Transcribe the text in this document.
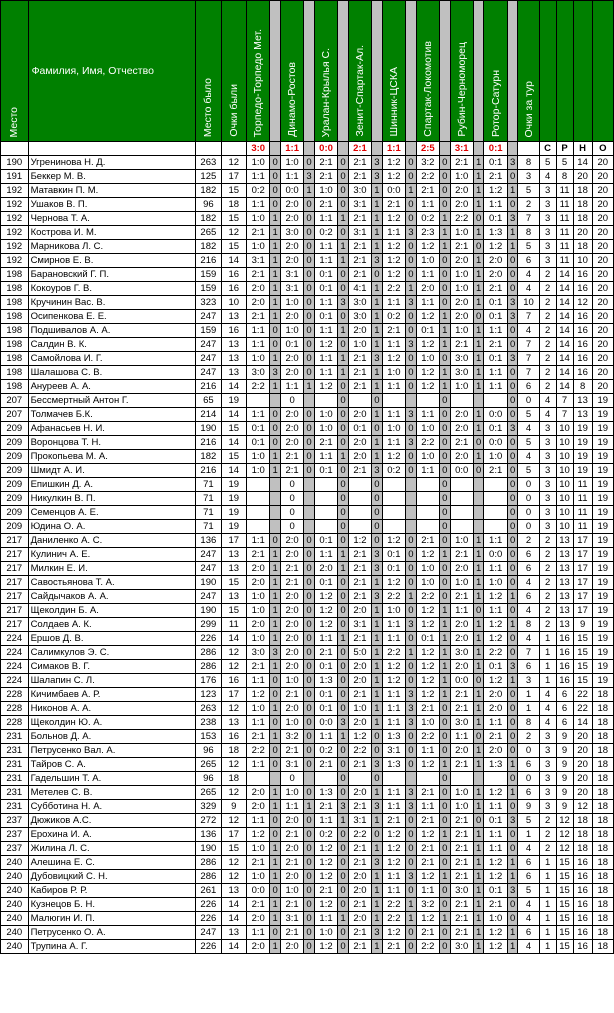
Место	Фамилия, Имя, Отчество	Место было	Очки были	Торпедо-Торпедо Мет.		Динамо-Ростов		Уралан-Крылья С.		Зенит-Спартак-Ал.		Шинник-ЦСКА		Спартак-Локомотив		Рубин-Черноморец		Ротор-Сатурн		Очки за тур				
				3:0		1:1		0:0		2:1		1:1		2:5		3:1		0:1			С	Р	Н	О
190	Угренинова Н. Д.	263	12	1:0	0	1:0	0	2:1	0	2:1	3	1:2	0	3:2	0	2:1	1	0:1	3	8	5	5	14	20
191	Беккер М. В.	125	17	1:1	0	1:1	3	2:1	0	2:1	3	1:2	0	2:2	0	1:0	1	2:1	0	3	4	8	20	20
192	Матавкин П. М.	182	15	0:2	0	0:0	1	1:0	0	3:0	1	0:0	1	2:1	0	2:0	1	1:2	1	5	3	11	18	20
192	Ушаков В. П.	96	18	1:1	0	2:0	0	2:1	0	3:1	1	2:1	0	1:1	0	2:0	1	1:1	0	2	3	11	18	20
192	Чернова Т. А.	182	15	1:0	1	2:0	0	1:1	1	2:1	1	1:2	0	0:2	1	2:2	0	0:1	3	7	3	11	18	20
192	Кострова И. М.	265	12	2:1	1	3:0	0	0:2	0	3:1	1	1:1	3	2:3	1	1:0	1	1:3	1	8	3	11	20	20
192	Марникова Л. С.	182	15	1:0	1	2:0	0	1:1	1	2:1	1	1:2	0	1:2	1	2:1	0	1:2	1	5	3	11	18	20
192	Смирнов Е. В.	216	14	3:1	1	2:0	0	1:1	1	2:1	3	1:2	0	1:0	0	2:0	1	2:0	0	6	3	11	10	20
198	Барановский Г. П.	159	16	2:1	1	3:1	0	0:1	0	2:1	0	1:2	0	1:1	0	1:0	1	2:0	0	4	2	14	16	20
198	Кокоуров Г. В.	159	16	2:0	1	3:1	0	0:1	0	4:1	1	2:2	1	2:0	0	1:0	1	2:1	0	4	2	14	16	20
198	Кручинин Вас. В.	323	10	2:0	1	1:0	0	1:1	3	3:0	1	1:1	3	1:1	0	2:0	1	0:1	3	10	2	14	12	20
198	Осипенкова Е. Е.	247	13	2:1	1	2:0	0	0:1	0	3:0	1	0:2	0	1:2	1	2:0	0	0:1	3	7	2	14	16	20
198	Подшивалов А. А.	159	16	1:1	0	1:0	0	1:1	1	2:0	1	2:1	0	0:1	1	1:0	1	1:1	0	4	2	14	16	20
198	Салдин В. К.	247	13	1:1	0	0:1	0	1:2	0	1:0	1	1:1	3	1:2	1	2:1	1	2:1	0	7	2	14	16	20
198	Самойлова И. Г.	247	13	1:0	1	2:0	0	1:1	1	2:1	3	1:2	0	1:0	0	3:0	1	0:1	3	7	2	14	16	20
198	Шалашова С. В.	247	13	3:0	3	2:0	0	1:1	1	2:1	1	1:0	0	1:2	1	3:0	1	1:1	0	7	2	14	16	20
198	Ануреев А. А.	216	14	2:2	1	1:1	1	1:2	0	2:1	1	1:1	0	1:2	1	1:0	1	1:1	0	6	2	14	8	20
207	Бессмертный Антон Г.	65	19			0			0		0				0				0	0	4	7	13	19
207	Толмачев Б.К.	214	14	1:1	0	2:0	0	1:0	0	2:0	1	1:1	3	1:1	0	2:0	1	0:0	0	5	4	7	13	19
209	Афанасьев Н. И.	190	15	0:1	0	2:0	0	1:0	0	0:1	0	1:0	0	1:0	0	2:0	1	0:1	3	4	3	10	19	19
209	Воронцова Т. Н.	216	14	0:1	0	2:0	0	2:1	0	2:0	1	1:1	3	2:2	0	2:1	0	0:0	0	5	3	10	19	19
209	Прокопьева М. А.	182	15	1:0	1	2:1	0	1:1	1	2:0	1	1:2	0	1:0	0	2:0	1	1:0	0	4	3	10	19	19
209	Шмидт А. И.	216	14	1:0	1	2:1	0	0:1	0	2:1	3	0:2	0	1:1	0	0:0	0	2:1	0	5	3	10	19	19
209	Епишкин Д. А.	71	19			0			0		0				0				0	0	3	10	11	19
209	Никулкин В. П.	71	19			0			0		0				0				0	0	3	10	11	19
209	Семенцов А. Е.	71	19			0			0		0				0				0	0	3	10	11	19
209	Юдина О. А.	71	19			0			0		0				0				0	0	3	10	11	19
217	Даниленко А. С.	136	17	1:1	0	2:0	0	0:1	0	1:2	0	1:2	0	2:1	0	1:0	1	1:1	0	2	2	13	17	19
217	Кулинич А. Е.	247	13	2:1	1	2:0	0	1:1	1	2:1	3	0:1	0	1:2	1	2:1	1	0:0	0	6	2	13	17	19
217	Милкин Е. И.	247	13	2:0	1	2:1	0	2:0	1	2:1	3	0:1	0	1:0	0	2:0	1	1:1	0	6	2	13	17	19
217	Савостьянова Т. А.	190	15	2:0	1	2:1	0	0:1	0	2:1	1	1:2	0	1:0	0	1:0	1	1:0	0	4	2	13	17	19
217	Сайдычаков А. А.	247	13	1:0	1	2:0	0	1:2	0	2:1	3	2:2	1	2:2	0	2:1	1	1:2	1	6	2	13	17	19
217	Щеколдин Б. А.	190	15	1:0	1	2:0	0	1:2	0	2:0	1	1:0	0	1:2	1	1:1	0	1:1	0	4	2	13	17	19
217	Солдаев А. К.	299	11	2:0	1	2:0	0	1:2	0	3:1	1	1:1	3	1:2	1	2:0	1	1:2	1	8	2	13	9	19
224	Ершов Д. В.	226	14	1:0	1	2:0	0	1:1	1	2:1	1	1:1	0	0:1	1	2:0	1	1:2	0	4	1	16	15	19
224	Салимкулов Э. С.	286	12	3:0	3	2:0	0	2:1	0	5:0	1	2:2	1	1:2	1	3:0	1	2:2	0	7	1	16	15	19
224	Симаков В. Г.	286	12	2:1	1	2:0	0	0:1	0	2:0	1	1:2	0	1:2	1	2:0	1	0:1	3	6	1	16	15	19
224	Шалапин С. Л.	176	16	1:1	0	1:0	0	1:3	0	2:0	1	1:2	0	1:2	1	0:0	0	1:2	1	3	1	16	15	19
228	Кичимбаев А. Р.	123	17	1:2	0	2:1	0	0:1	0	2:1	1	1:1	3	1:2	1	2:1	1	2:0	0	1	4	6	22	18
228	Никонов А. А.	263	12	1:0	1	2:0	0	0:1	0	1:0	1	1:1	3	2:1	0	2:1	1	2:0	0	1	4	6	22	18
228	Щеколдин Ю. А.	238	13	1:1	0	1:0	0	0:0	3	2:0	1	1:1	3	1:0	0	3:0	1	1:1	0	8	4	6	14	18
231	Больнов Д. А.	153	16	2:1	1	3:2	0	1:1	1	1:2	0	1:3	0	2:2	0	1:1	0	2:1	0	2	3	9	20	18
231	Петрусенко Вал. А.	96	18	2:2	0	2:1	0	0:2	0	2:2	0	3:1	0	1:1	0	2:0	1	2:0	0	0	3	9	20	18
231	Тайров С. А.	265	12	1:1	0	3:1	0	2:1	0	2:1	3	1:3	0	1:2	1	2:1	1	1:3	1	6	3	9	20	18
231	Гадельшин Т. А.	96	18			0			0		0				0				0	0	3	9	20	18
231	Метелев С. В.	265	12	2:0	1	1:0	0	1:3	0	2:0	1	1:1	3	2:1	0	1:0	1	1:2	1	6	3	9	20	18
231	Субботина Н. А.	329	9	2:0	1	1:1	1	2:1	3	2:1	3	1:1	3	1:1	0	1:0	1	1:1	0	9	3	9	12	18
237	Дюжиков А.С.	272	12	1:1	0	2:0	0	1:1	1	3:1	1	2:1	0	2:1	0	2:1	0	0:1	3	5	2	12	18	18
237	Ерохина И. А.	136	17	1:2	0	2:1	0	0:2	0	2:2	0	1:2	0	1:2	1	2:1	1	1:1	0	1	2	12	18	18
237	Жилина Л. С.	190	15	1:0	1	2:0	0	1:2	0	2:1	1	1:2	0	2:1	0	2:1	1	1:1	0	4	2	12	18	18
240	Алешина Е. С.	286	12	2:1	1	2:1	0	1:2	0	2:1	3	1:2	0	2:1	0	2:1	1	1:2	1	6	1	15	16	18
240	Дубовицкий С. Н.	286	12	1:0	1	2:0	0	1:2	0	2:0	1	1:1	3	1:2	1	2:1	1	1:2	1	6	1	15	16	18
240	Кабиров Р. Р.	261	13	0:0	0	1:0	0	2:1	0	2:0	1	1:1	0	1:1	0	3:0	1	0:1	3	5	1	15	16	18
240	Кузнецов Б. Н.	226	14	2:1	1	2:1	0	1:2	0	2:1	1	2:2	1	3:2	0	2:1	1	2:1	0	4	1	15	16	18
240	Малюгин И. П.	226	14	2:0	1	3:1	0	1:1	1	2:0	1	2:2	1	1:2	1	2:1	1	1:0	0	4	1	15	16	18
240	Петрусенко О. А.	247	13	1:1	0	2:1	0	1:0	0	2:1	3	1:2	0	2:1	0	2:1	1	1:2	1	6	1	15	16	18
240	Трупина А. Г.	226	14	2:0	1	2:0	0	1:2	0	2:1	1	2:1	0	2:2	0	3:0	1	1:2	1	4	1	15	16	18
